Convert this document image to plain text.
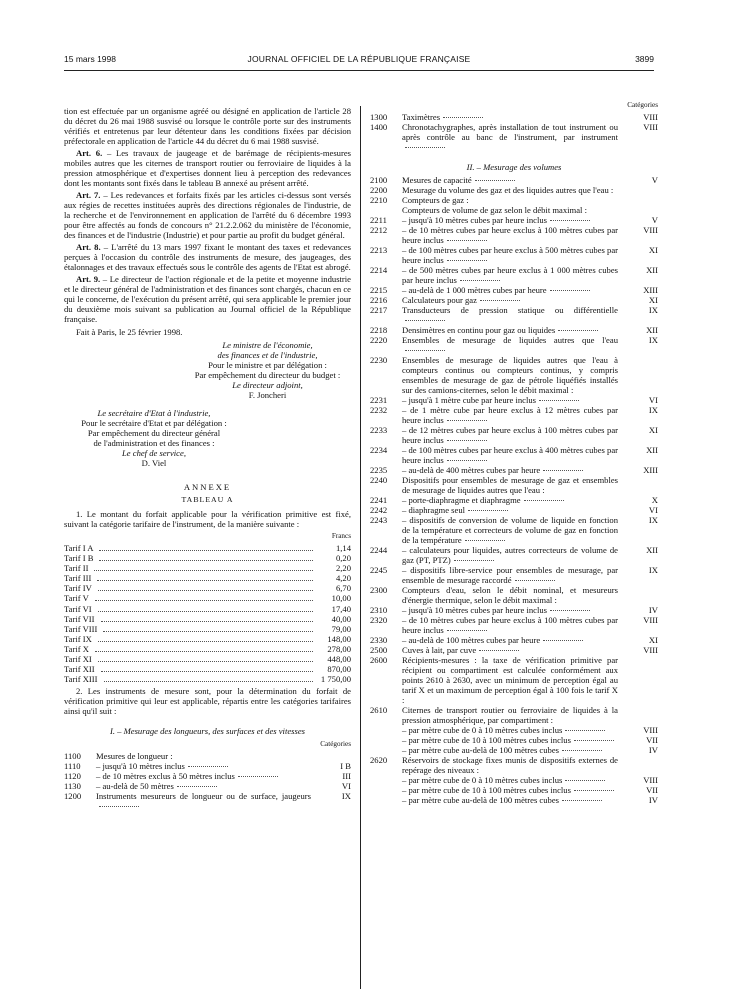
15 mars 1998	JOURNAL OFFICIEL DE LA RÉPUBLIQUE FRANÇAISE	3899

tion est effectuée par un organisme agréé ou désigné en application de l'article 28 du décret du 26 mai 1988 susvisé ou lorsque le contrôle porte sur des instruments vérifiés et entretenus par leur détenteur dans les conditions fixées par décision préfectorale en application de l'article 44 du décret du 6 mai 1988 susvisé.

Art. 6. – Les travaux de jaugeage et de barémage de récipients-mesures mobiles autres que les citernes de transport routier ou ferroviaire de liquides à la pression atmosphérique et d'expertises donnent lieu à perception des redevances dont les montants sont fixés dans le tableau B annexé au présent arrêté.

Art. 7. – Les redevances et forfaits fixés par les articles ci-dessus sont versés aux régies de recettes instituées auprès des directions régionales de l'industrie, de la recherche et de l'environnement en application de l'arrêté du 6 décembre 1993 pour être affectés au fonds de concours n° 21.2.2.062 du ministère de l'économie, des finances et de l'industrie (Industrie) et pour partie au profit du budget général.

Art. 8. – L'arrêté du 13 mars 1997 fixant le montant des taxes et redevances perçues à l'occasion du contrôle des instruments de mesure, des jaugeages, des étalonnages et des travaux effectués sous le contrôle des agents de l'Etat est abrogé.

Art. 9. – Le directeur de l'action régionale et de la petite et moyenne industrie et le directeur général de l'administration et des finances sont chargés, chacun en ce qui le concerne, de l'exécution du présent arrêté, qui sera applicable le premier jour du deuxième mois suivant sa publication au Journal officiel de la République française.

Fait à Paris, le 25 février 1998.

Le ministre de l'économie,
des finances et de l'industrie,
Pour le ministre et par délégation :
Par empêchement du directeur du budget :
Le directeur adjoint,
F. Joncheri
Le secrétaire d'Etat à l'industrie,
Pour le secrétaire d'Etat et par délégation :
Par empêchement du directeur général
de l'administration et des finances :
Le chef de service,
D. Viel
ANNEXE
TABLEAU A

1. Le montant du forfait applicable pour la vérification primitive est fixé, suivant la catégorie tarifaire de l'instrument, de la manière suivante :

Francs
Tarif I A	1,14
Tarif I B	0,20
Tarif II	2,20
Tarif III	4,20
Tarif IV	6,70
Tarif V	10,00
Tarif VI	17,40
Tarif VII	40,00
Tarif VIII	79,00
Tarif IX	148,00
Tarif X	278,00
Tarif XI	448,00
Tarif XII	870,00
Tarif XIII	1 750,00

2. Les instruments de mesure sont, pour la détermination du forfait de vérification primitive qui leur est applicable, répartis entre les catégories tarifaires ainsi qu'il suit :

I. – Mesurage des longueurs, des surfaces et des vitesses
Catégories
1100	Mesures de longueur :
1110	– jusqu'à 10 mètres inclus	I B
1120	– de 10 mètres exclus à 50 mètres inclus	III
1130	– au-delà de 50 mètres	VI
1200	Instruments mesureurs de longueur ou de surface, jaugeurs	IX
Catégories
1300	Taximètres	VIII
1400	Chronotachygraphes, après installation de tout instrument ou après contrôle au banc de l'instrument, par instrument
VIII
II. – Mesurage des volumes
2100	Mesures de capacité	V
2200	Mesurage du volume des gaz et des liquides autres que l'eau :
2210	Compteurs de gaz :
Compteurs de volume de gaz selon le débit maximal :
2211	– jusqu'à 10 mètres cubes par heure inclus	V
2212	– de 10 mètres cubes par heure exclus à 100 mètres cubes par heure inclus
VIII
2213	– de 100 mètres cubes par heure exclus à 500 mètres cubes par heure inclus
XI
2214	– de 500 mètres cubes par heure exclus à 1 000 mètres cubes par heure inclus
XII
2215	– au-delà de 1 000 mètres cubes par heure	XIII
2216	Calculateurs pour gaz	XI
2217	Transducteurs de pression statique ou différentielle	IX
2218	Densimètres en continu pour gaz ou liquides	XII
2220	Ensembles de mesurage de liquides autres que l'eau	IX
2230	Ensembles de mesurage de liquides autres que l'eau à compteurs continus ou compteurs continus, y compris ensembles de mesurage de gaz de pétrole liquéfiés installés sur des camions-citernes, selon le débit maximal :
2231	– jusqu'à 1 mètre cube par heure inclus	VI
2232	– de 1 mètre cube par heure exclus à 12 mètres cubes par heure inclus
IX
2233	– de 12 mètres cubes par heure exclus à 100 mètres cubes par heure inclus
XI
2234	– de 100 mètres cubes par heure exclus à 400 mètres cubes par heure inclus
XII
2235	– au-delà de 400 mètres cubes par heure	XIII
2240	Dispositifs pour ensembles de mesurage de gaz et ensembles de mesurage de liquides autres que l'eau :
2241	– porte-diaphragme et diaphragme	X
2242	– diaphragme seul	VI
2243	– dispositifs de conversion de volume de liquide en fonction de la température et correcteurs de volume de gaz en fonction de la température
IX
2244	– calculateurs pour liquides, autres correcteurs de volume de gaz (PT, PTZ)
XII
2245	– dispositifs libre-service pour ensembles de mesurage, par ensemble de mesurage raccordé
IX
2300	Compteurs d'eau, selon le débit nominal, et mesureurs d'énergie thermique, selon le débit maximal :
2310	– jusqu'à 10 mètres cubes par heure inclus	IV
2320	– de 10 mètres cubes par heure exclus à 100 mètres cubes par heure inclus
VIII
2330	– au-delà de 100 mètres cubes par heure	XI
2500	Cuves à lait, par cuve	VIII
2600	Récipients-mesures : la taxe de vérification primitive par récipient ou compartiment est calculée conformément aux points 2610 à 2630, avec un minimum de perception égal au tarif X et un maximum de perception égal à 100 fois le tarif X :
2610	Citernes de transport routier ou ferroviaire de liquides à la pression atmosphérique, par compartiment :
– par mètre cube de 0 à 10 mètres cubes inclus	VIII
– par mètre cube de 10 à 100 mètres cubes inclus	VII
– par mètre cube au-delà de 100 mètres cubes	IV
2620	Réservoirs de stockage fixes munis de dispositifs externes de repérage des niveaux :
– par mètre cube de 0 à 10 mètres cubes inclus	VIII
– par mètre cube de 10 à 100 mètres cubes inclus	VII
– par mètre cube au-delà de 100 mètres cubes	IV
